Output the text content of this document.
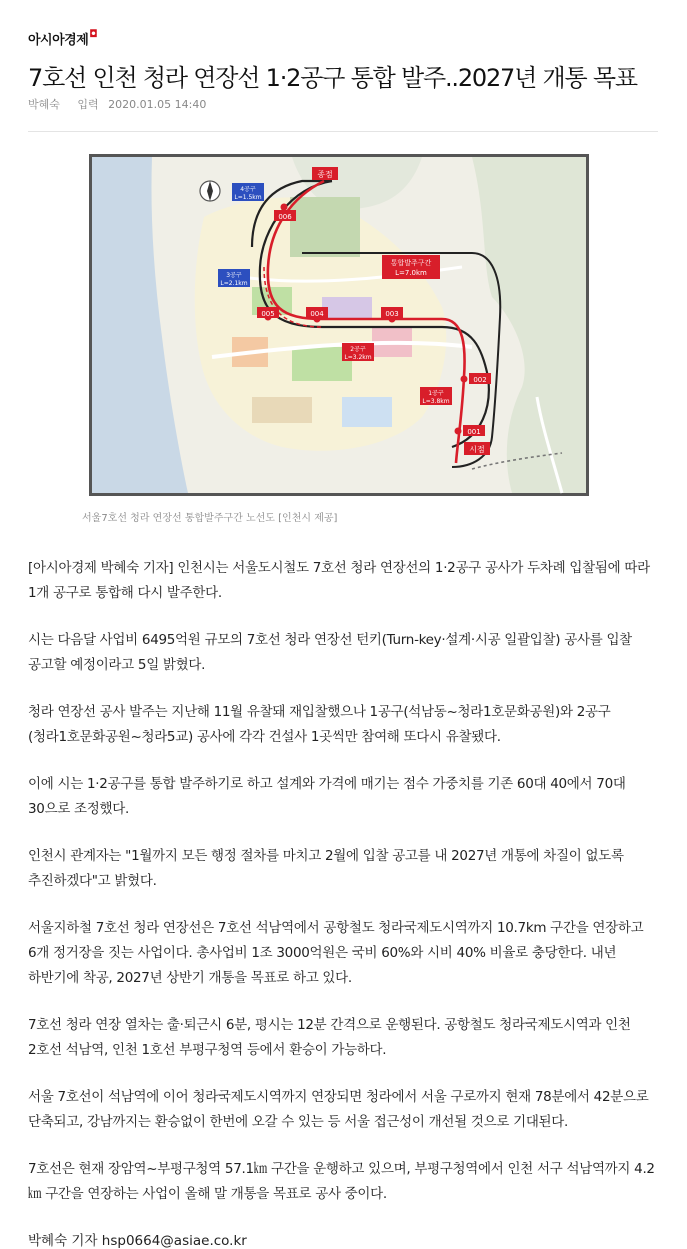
아시아경제◘
7호선 인천 청라 연장선 1·2공구 통합 발주..2027년 개통 목표
박혜숙 입력 2020.01.05 14:40
006
005	004	003
002
001
종점
시점
통합발주구간
L=7.0km
4공구
L=1.5km
3공구
L=2.1km
2공구
L=3.2km
1공구
L=3.8km
서울7호선 청라 연장선 통합발주구간 노선도 [인천시 제공]

[아시아경제 박혜숙 기자] 인천시는 서울도시철도 7호선 청라 연장선의 1·2공구 공사가 두차례 입찰됨에 따라 1개 공구로 통합해 다시 발주한다.

시는 다음달 사업비 6495억원 규모의 7호선 청라 연장선 턴키(Turn-key·설계·시공 일괄입찰) 공사를 입찰 공고할 예정이라고 5일 밝혔다.

청라 연장선 공사 발주는 지난해 11월 유찰돼 재입찰했으나 1공구(석남동~청라1호문화공원)와 2공구(청라1호문화공원~청라5교) 공사에 각각 건설사 1곳씩만 참여해 또다시 유찰됐다.

이에 시는 1·2공구를 통합 발주하기로 하고 설계와 가격에 매기는 점수 가중치를 기존 60대 40에서 70대 30으로 조정했다.

인천시 관계자는 "1월까지 모든 행정 절차를 마치고 2월에 입찰 공고를 내 2027년 개통에 차질이 없도록 추진하겠다"고 밝혔다.

서울지하철 7호선 청라 연장선은 7호선 석남역에서 공항철도 청라국제도시역까지 10.7km 구간을 연장하고 6개 정거장을 짓는 사업이다. 총사업비 1조 3000억원은 국비 60%와 시비 40% 비율로 충당한다. 내년 하반기에 착공, 2027년 상반기 개통을 목표로 하고 있다.

7호선 청라 연장 열차는 출·퇴근시 6분, 평시는 12분 간격으로 운행된다. 공항철도 청라국제도시역과 인천 2호선 석남역, 인천 1호선 부평구청역 등에서 환승이 가능하다.

서울 7호선이 석남역에 이어 청라국제도시역까지 연장되면 청라에서 서울 구로까지 현재 78분에서 42분으로 단축되고, 강남까지는 환승없이 한번에 오갈 수 있는 등 서울 접근성이 개선될 것으로 기대된다.

7호선은 현재 장암역~부평구청역 57.1㎞ 구간을 운행하고 있으며, 부평구청역에서 인천 서구 석남역까지 4.2㎞ 구간을 연장하는 사업이 올해 말 개통을 목표로 공사 중이다.

박혜숙 기자 hsp0664@asiae.co.kr
